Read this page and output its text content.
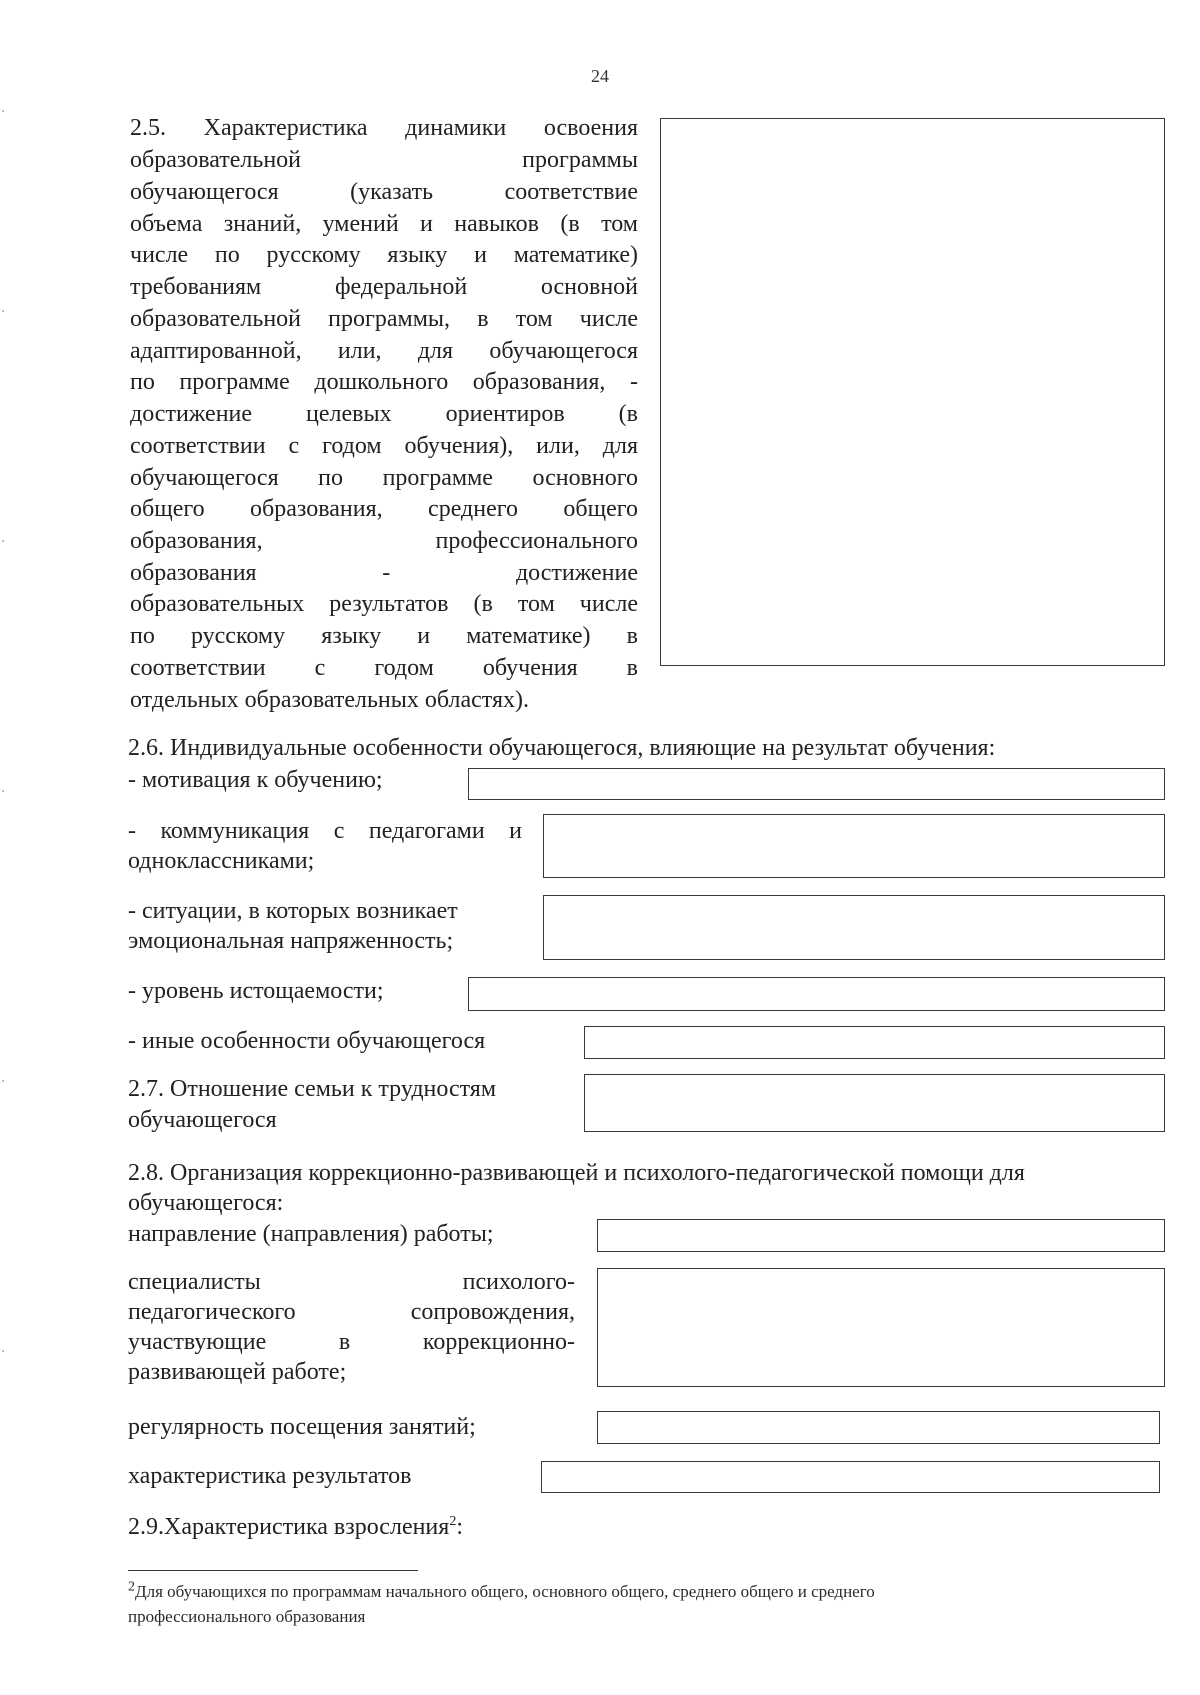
24
2.5. Характеристика динамики освоения
образовательной программы
обучающегося (указать соответствие
объема знаний, умений и навыков (в том
числе по русскому языку и математике)
требованиям федеральной основной
образовательной программы, в том числе
адаптированной, или, для обучающегося
по программе дошкольного образования, -
достижение целевых ориентиров (в
соответствии с годом обучения), или, для
обучающегося по программе основного
общего образования, среднего общего
образования, профессионального
образования - достижение
образовательных результатов (в том числе
по русскому языку и математике) в
соответствии с годом обучения в
отдельных образовательных областях).
2.6. Индивидуальные особенности обучающегося, влияющие на результат обучения:
- мотивация к обучению;
- коммуникация с педагогами и
одноклассниками;
- ситуации, в которых возникает
эмоциональная напряженность;
- уровень истощаемости;
- иные особенности обучающегося
2.7. Отношение семьи к трудностям
обучающегося
2.8. Организация коррекционно-развивающей и психолого-педагогической помощи для
обучающегося:
направление (направления) работы;
специалисты психолого-
педагогического сопровождения,
участвующие в коррекционно-
развивающей работе;
регулярность посещения занятий;
характеристика результатов
2.9.Характеристика взросления$^2$:
$^2$Для обучающихся по программам начального общего, основного общего, среднего общего и среднего
профессионального образования
